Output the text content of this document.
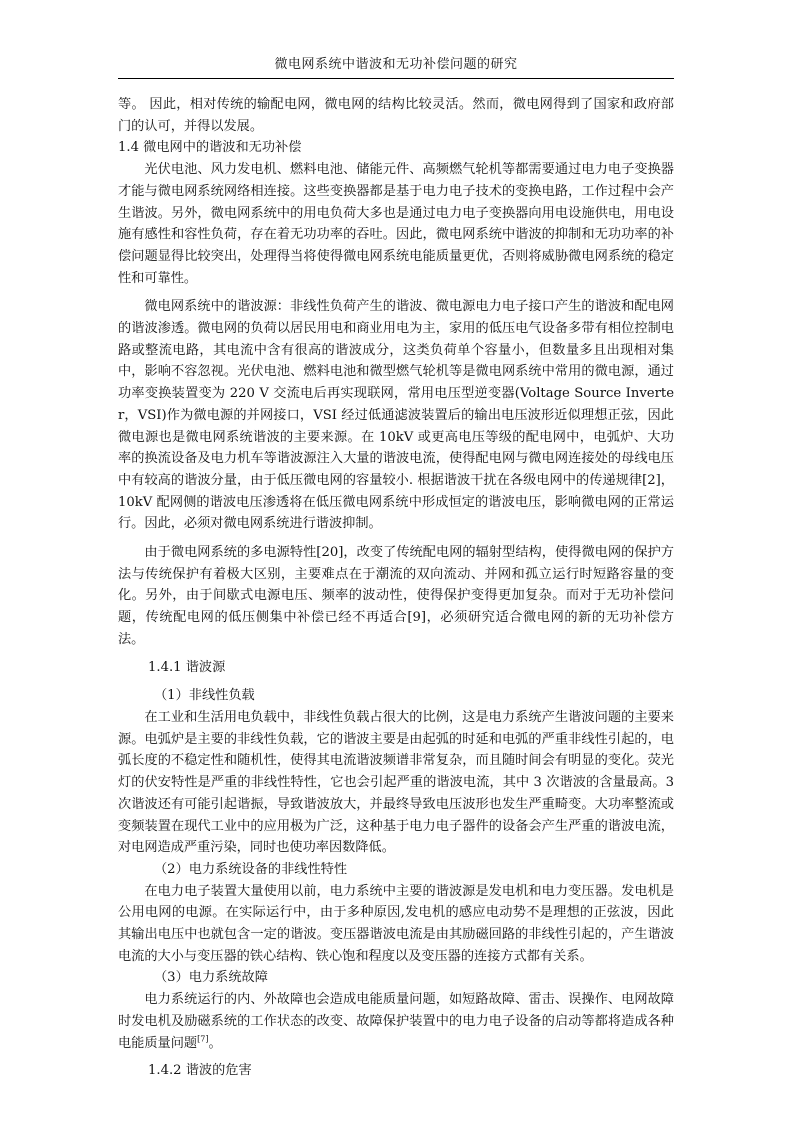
微电网系统中谐波和无功补偿问题的研究

等。 因此，相对传统的输配电网，微电网的结构比较灵活。然而，微电网得到了国家和政府部门的认可，并得以发展。

1.4 微电网中的谐波和无功补偿

光伏电池、风力发电机、燃料电池、储能元件、高频燃气轮机等都需要通过电力电子变换器才能与微电网系统网络相连接。这些变换器都是基于电力电子技术的变换电路，工作过程中会产生谐波。另外，微电网系统中的用电负荷大多也是通过电力电子变换器向用电设施供电，用电设施有感性和容性负荷，存在着无功功率的吞吐。因此，微电网系统中谐波的抑制和无功功率的补偿问题显得比较突出，处理得当将使得微电网系统电能质量更优，否则将威胁微电网系统的稳定性和可靠性。

微电网系统中的谐波源：非线性负荷产生的谐波、微电源电力电子接口产生的谐波和配电网的谐波渗透。微电网的负荷以居民用电和商业用电为主，家用的低压电气设备多带有相位控制电路或整流电路，其电流中含有很高的谐波成分，这类负荷单个容量小，但数量多且出现相对集中，影响不容忽视。光伏电池、燃料电池和微型燃气轮机等是微电网系统中常用的微电源，通过功率变换装置变为 220 V 交流电后再实现联网，常用电压型逆变器(Voltage Source Inverter，VSI)作为微电源的并网接口，VSI 经过低通滤波装置后的输出电压波形近似理想正弦，因此微电源也是微电网系统谐波的主要来源。在 10kV 或更高电压等级的配电网中，电弧炉、大功率的换流设备及电力机车等谐波源注入大量的谐波电流，使得配电网与微电网连接处的母线电压中有较高的谐波分量，由于低压微电网的容量较小. 根据谐波干扰在各级电网中的传递规律[2]，10kV 配网侧的谐波电压渗透将在低压微电网系统中形成恒定的谐波电压，影响微电网的正常运行。因此，必须对微电网系统进行谐波抑制。

由于微电网系统的多电源特性[20]，改变了传统配电网的辐射型结构，使得微电网的保护方法与传统保护有着极大区别，主要难点在于潮流的双向流动、并网和孤立运行时短路容量的变化。另外，由于间歇式电源电压、频率的波动性，使得保护变得更加复杂。而对于无功补偿问题，传统配电网的低压侧集中补偿已经不再适合[9]，必须研究适合微电网的新的无功补偿方法。

1.4.1 谐波源

（1）非线性负载

在工业和生活用电负载中，非线性负载占很大的比例，这是电力系统产生谐波问题的主要来源。电弧炉是主要的非线性负载，它的谐波主要是由起弧的时延和电弧的严重非线性引起的，电弧长度的不稳定性和随机性，使得其电流谐波频谱非常复杂，而且随时间会有明显的变化。荧光灯的伏安特性是严重的非线性特性，它也会引起严重的谐波电流，其中 3 次谐波的含量最高。3 次谐波还有可能引起谐振，导致谐波放大，并最终导致电压波形也发生严重畸变。大功率整流或变频装置在现代工业中的应用极为广泛，这种基于电力电子器件的设备会产生严重的谐波电流，对电网造成严重污染，同时也使功率因数降低。

（2）电力系统设备的非线性特性

在电力电子装置大量使用以前，电力系统中主要的谐波源是发电机和电力变压器。发电机是公用电网的电源。在实际运行中，由于多种原因,发电机的感应电动势不是理想的正弦波，因此其输出电压中也就包含一定的谐波。变压器谐波电流是由其励磁回路的非线性引起的，产生谐波电流的大小与变压器的铁心结构、铁心饱和程度以及变压器的连接方式都有关系。

（3）电力系统故障

电力系统运行的内、外故障也会造成电能质量问题，如短路故障、雷击、误操作、电网故障时发电机及励磁系统的工作状态的改变、故障保护装置中的电力电子设备的启动等都将造成各种电能质量问题[7]。

1.4.2 谐波的危害
